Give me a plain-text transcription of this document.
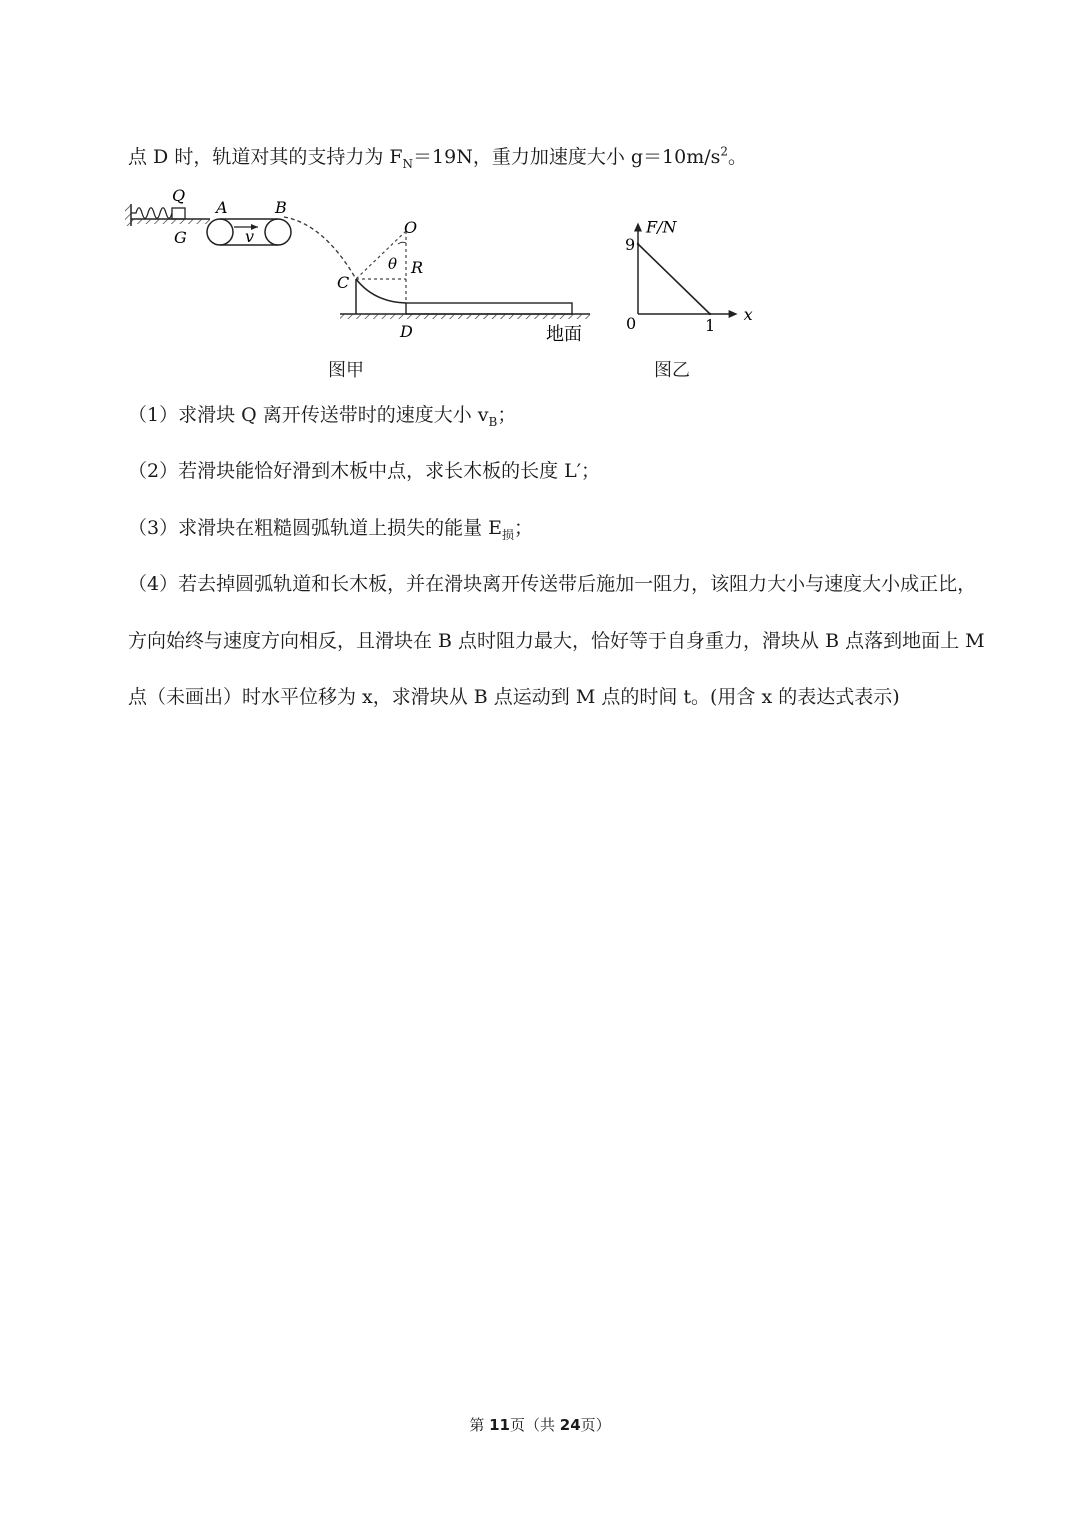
点 D 时，轨道对其的支持力为 $F_N=19N$，重力加速度大小 $g=10m/s^2$。
Q
G
A	B
v	O
θ R
C
D	地面
图甲
F/N
x
0	1
9
图乙
（1）求滑块 Q 离开传送带时的速度大小 $v_B$；
（2）若滑块能恰好滑到木板中点，求长木板的长度 L′；
（3）求滑块在粗糙圆弧轨道上损失的能量 $E_损$；
（4）若去掉圆弧轨道和长木板，并在滑块离开传送带后施加一阻力，该阻力大小与速度大小成正比，
方向始终与速度方向相反，且滑块在 B 点时阻力最大，恰好等于自身重力，滑块从 B 点落到地面上 M
点（未画出）时水平位移为 x，求滑块从 B 点运动到 M 点的时间 t。(用含 x 的表达式表示)
第 11页（共 24页）
